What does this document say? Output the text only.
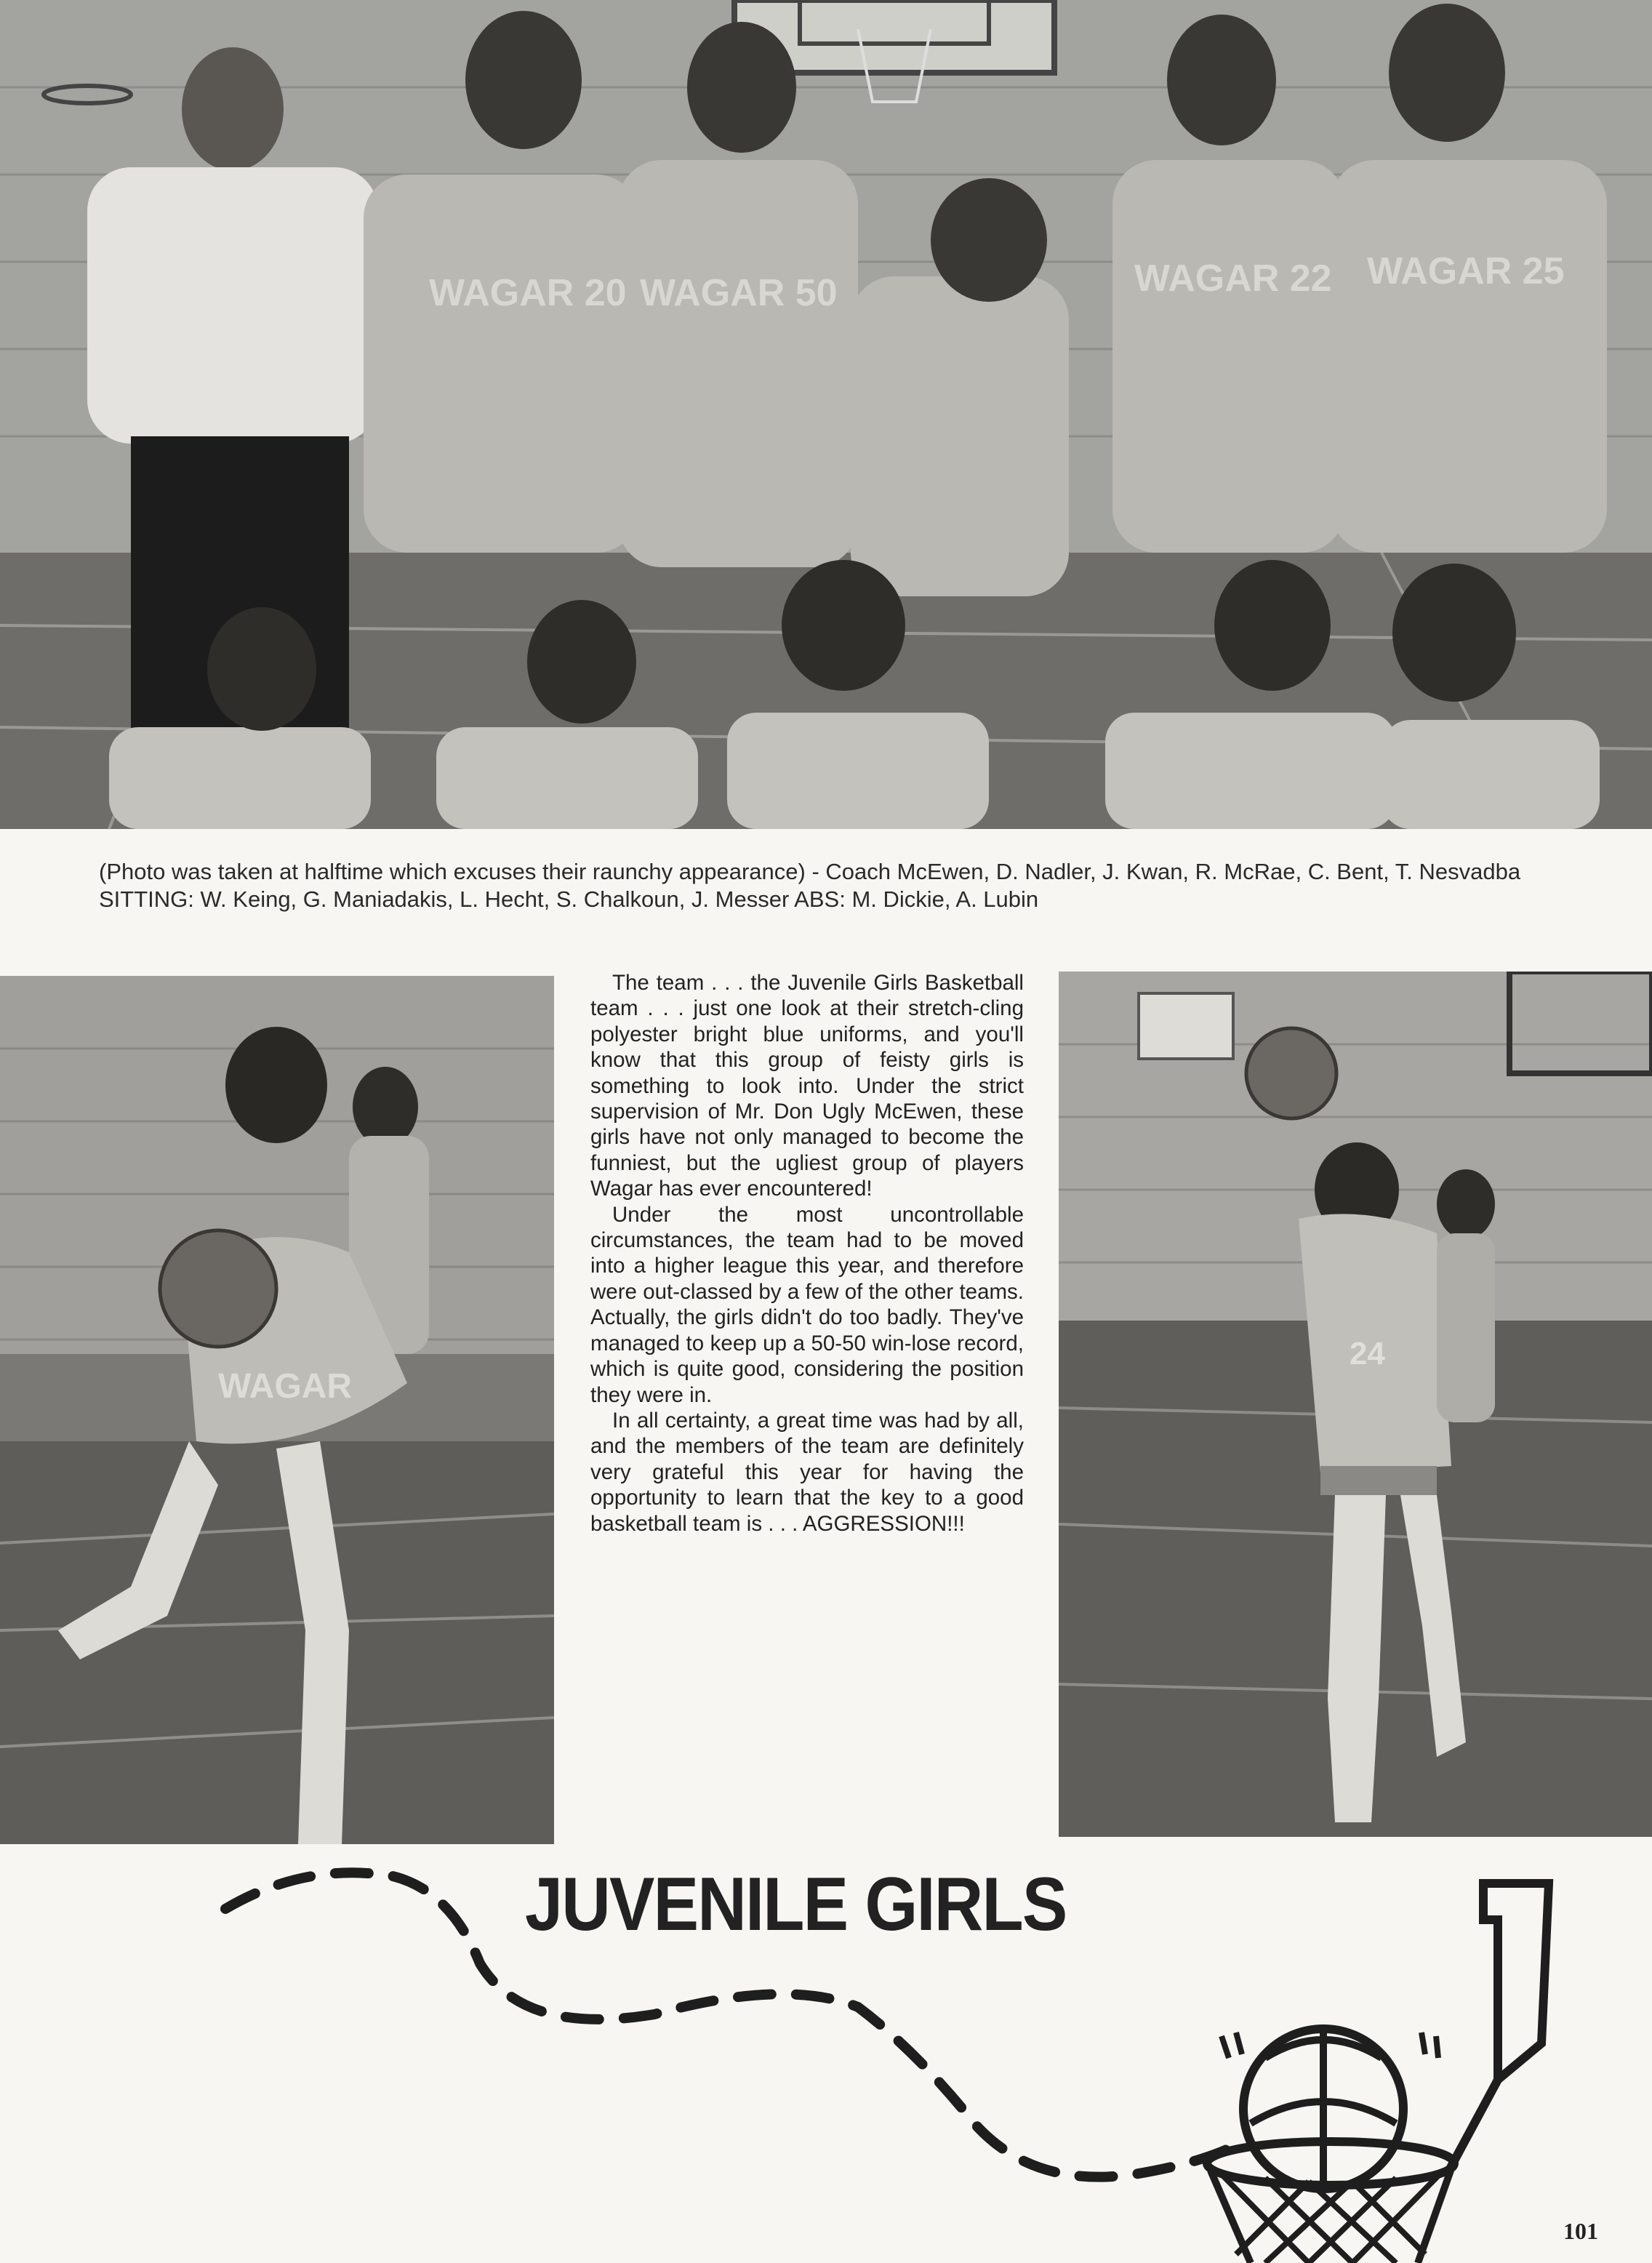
WAGAR 20 WAGAR 50	WAGAR 22 WAGAR 25
(Photo was taken at halftime which excuses their raunchy appearance) - Coach McEwen, D. Nadler, J. Kwan, R. McRae, C. Bent, T. Nesvadba SITTING: W. Keing, G. Maniadakis, L. Hecht, S. Chalkoun, J. Messer ABS: M. Dickie, A. Lubin
WAGAR

The team . . . the Juvenile Girls Basketball team . . . just one look at their stretch-cling polyester bright blue uniforms, and you'll know that this group of feisty girls is something to look into. Under the strict supervision of Mr. Don Ugly McEwen, these girls have not only managed to become the funniest, but the ugliest group of players Wagar has ever encountered!

Under the most uncontrollable circumstances, the team had to be moved into a higher league this year, and therefore were out-classed by a few of the other teams. Actually, the girls didn't do too badly. They've managed to keep up a 50-50 win-lose record, which is quite good, considering the position they were in.

In all certainty, a great time was had by all, and the members of the team are definitely very grateful this year for having the opportunity to learn that the key to a good basketball team is . . . AGGRESSION!!!

24
JUVENILE GIRLS
101
